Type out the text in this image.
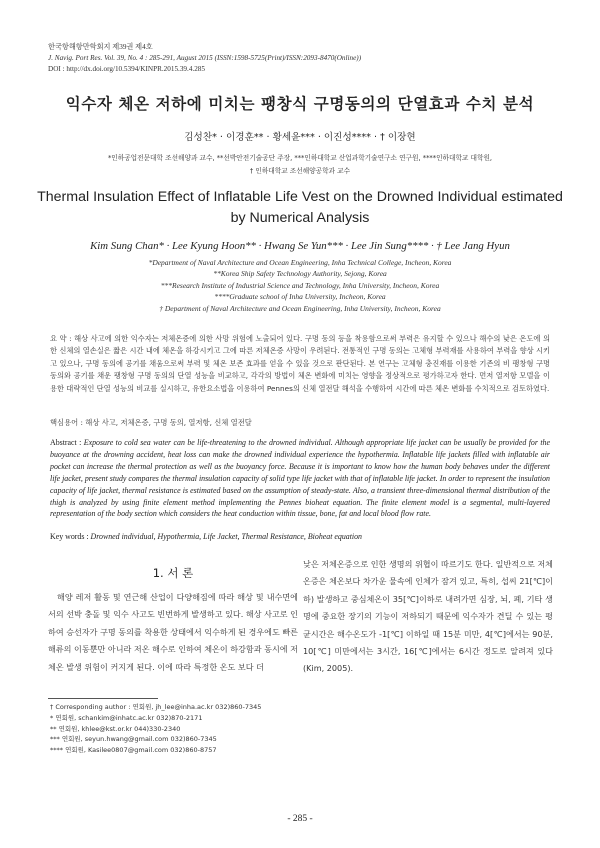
한국항해항만학회지 제39권 제4호
J. Navig. Port Res. Vol. 39, No. 4 : 285-291, August 2015 (ISSN:1598-5725(Print)/ISSN:2093-8470(Online))
DOI : http://dx.doi.org/10.5394/KINPR.2015.39.4.285
익수자 체온 저하에 미치는 팽창식 구명동의의 단열효과 수치 분석
김성찬* · 이경훈** · 황세윤*** · 이진성**** · † 이장현
*인하공업전문대학 조선해양과 교수, **선박안전기술공단 주장, ***인하대학교 산업과학기술연구소 연구원, ****인하대학교 대학원,
† 인하대학교 조선해양공학과 교수
Thermal Insulation Effect of Inflatable Life Vest on the Drowned Individual estimated
by Numerical Analysis
Kim Sung Chan* · Lee Kyung Hoon** · Hwang Se Yun*** · Lee Jin Sung**** · † Lee Jang Hyun
*Department of Naval Architecture and Ocean Engineering, Inha Technical College, Incheon, Korea
**Korea Ship Safety Technology Authority, Sejong, Korea
***Research Institute of Industrial Science and Technology, Inha University, Incheon, Korea
****Graduate school of Inha University, Incheon, Korea
† Department of Naval Architecture and Ocean Engineering, Inha University, Incheon, Korea
요 약 : 해상 사고에 의한 익수자는 저체온증에 의한 사망 위험에 노출되어 있다. 구명 동의 등을 착용함으로써 부력은 유지할 수 있으나 해수의 낮은 온도에 의한 신체의 열손실은 짧은 시간 내에 체온을 하강시키고 그에 따른 저체온증 사망이 우려된다. 전통적인 구명 동의는 고체형 부력재를 사용하여 부력을 향상 시키고 있으나, 구명 동의에 공기를 채움으로써 부력 및 체온 보존 효과를 얻을 수 있을 것으로 판단된다. 본 연구는 고체형 충진재를 이용한 기존의 비 팽창형 구명 동의와 공기를 채운 팽창형 구명 동의의 단열 성능을 비교하고, 각각의 방법이 체온 변화에 미치는 영향을 정상적으로 평가하고자 한다. 먼저 열저항 모델을 이용한 대략적인 단열 성능의 비교를 실시하고, 유한요소법을 이용하여 Pennes의 신체 열전달 해석을 수행하여 시간에 따른 체온 변화를 수치적으로 검토하였다.
핵심용어 : 해상 사고, 저체온증, 구명 동의, 열저항, 신체 열전달
Abstract : Exposure to cold sea water can be life-threatening to the drowned individual. Although appropriate life jacket can be usually be provided for the buoyance at the drowning accident, heat loss can make the drowned individual experience the hypothermia. Inflatable life jackets filled with inflatable air pocket can increase the thermal protection as well as the buoyancy force. Because it is important to know how the human body behaves under the different life jacket, present study compares the thermal insulation capacity of solid type life jacket with that of inflatable life jacket. In order to represent the insulation capacity of life jacket, thermal resistance is estimated based on the assumption of steady-state. Also, a transient three-dimensional thermal distribution of the thigh is analyzed by using finite element method implementing the Pennes bioheat equation. The finite element model is a segmental, multi-layered representation of the body section which considers the heat conduction within tissue, bone, fat and local blood flow rate.
Key words : Drowned individual, Hypothermia, Life Jacket, Thermal Resistance, Bioheat equation
1. 서 론

해양 레저 활동 및 연근해 산업이 다양해짐에 따라 해상 및 내수면에서의 선박 충돌 및 익수 사고도 빈번하게 발생하고 있다. 해상 사고로 인하여 승선자가 구명 동의를 착용한 상태에서 익수하게 된 경우에도 빠른 해류의 이동뿐만 아니라 저온 해수로 인하여 체온이 하강함과 동시에 저체온 발생 위험이 커지게 된다. 이에 따라 특정한 온도 보다 더

낮은 저체온증으로 인한 생명의 위협이 따르기도 한다. 일반적으로 저체온증은 체온보다 차가운 물속에 인체가 잠겨 있고, 특히, 섭씨 21[℃]이하) 발생하고 중심체온이 35[℃]이하로 내려가면 심장, 뇌, 폐, 기타 생명에 중요한 장기의 기능이 저하되기 때문에 익수자가 견딜 수 있는 평균시간은 해수온도가 -1[℃] 이하일 때 15분 미만, 4[℃]에서는 90분, 10[℃] 미만에서는 3시간, 16[℃]에서는 6시간 정도로 알려져 있다(Kim, 2005).

† Corresponding author : 연회원, jh_lee@inha.ac.kr 032)860-7345
* 연회원, schankim@inhatc.ac.kr 032)870-2171
** 연회원, khlee@kst.or.kr 044)330-2340
*** 연회원, seyun.hwang@gmail.com 032)860-7345
**** 연회원, Kasilee0807@gmail.com 032)860-8757
- 285 -
